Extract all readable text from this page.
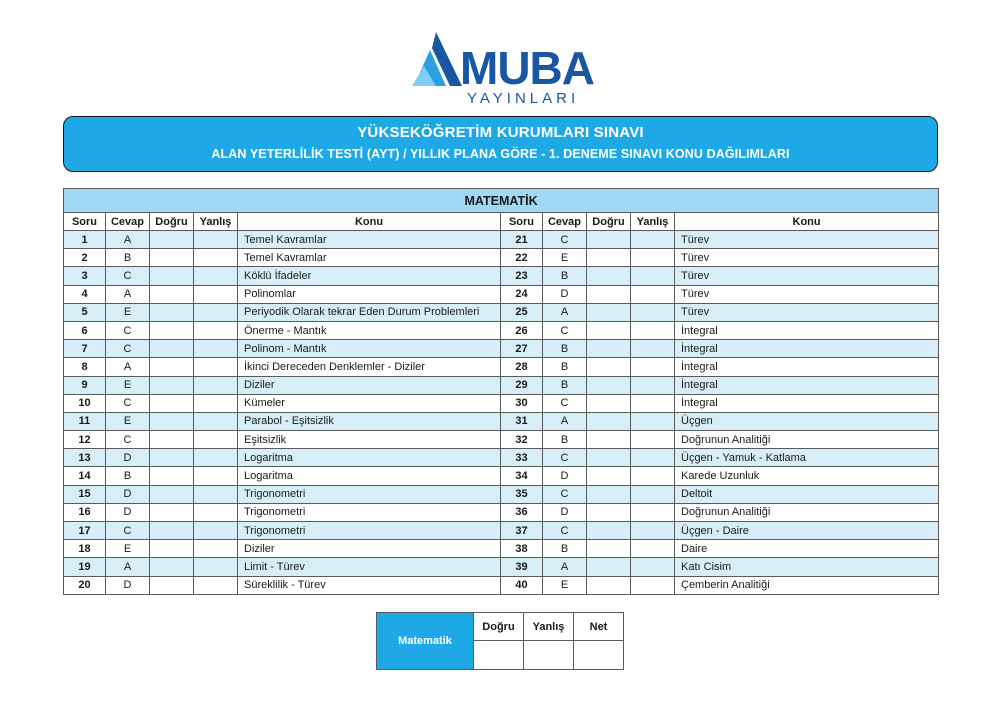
MUBA
YAYINLARI
YÜKSEKÖĞRETİM KURUMLARI SINAVI
ALAN YETERLİLİK TESTİ (AYT) / YILLIK PLANA GÖRE - 1. DENEME SINAVI KONU DAĞILIMLARI
MATEMATİK									
Soru	Cevap	Doğru	Yanlış	Konu	Soru	Cevap	Doğru	Yanlış	Konu
1	A			Temel Kavramlar	21	C			Türev
2	B			Temel Kavramlar	22	E			Türev
3	C			Köklü İfadeler	23	B			Türev
4	A			Polinomlar	24	D			Türev
5	E			Periyodik Olarak tekrar Eden Durum Problemleri	25	A			Türev
6	C			Önerme - Mantık	26	C			İntegral
7	C			Polinom - Mantık	27	B			İntegral
8	A			İkinci Dereceden Denklemler - Diziler	28	B			İntegral
9	E			Diziler	29	B			İntegral
10	C			Kümeler	30	C			İntegral
11	E			Parabol - Eşitsizlik	31	A			Üçgen
12	C			Eşitsizlik	32	B			Doğrunun Analitiği
13	D			Logaritma	33	C			Üçgen - Yamuk - Katlama
14	B			Logaritma	34	D			Karede Uzunluk
15	D			Trigonometri	35	C			Deltoit
16	D			Trigonometri	36	D			Doğrunun Analitiği
17	C			Trigonometri	37	C			Üçgen - Daire
18	E			Diziler	38	B			Daire
19	A			Limit - Türev	39	A			Katı Cisim
20	D			Süreklilik - Türev	40	E			Çemberin Analitiği
Matematik	Doğru	Yanlış	Net
